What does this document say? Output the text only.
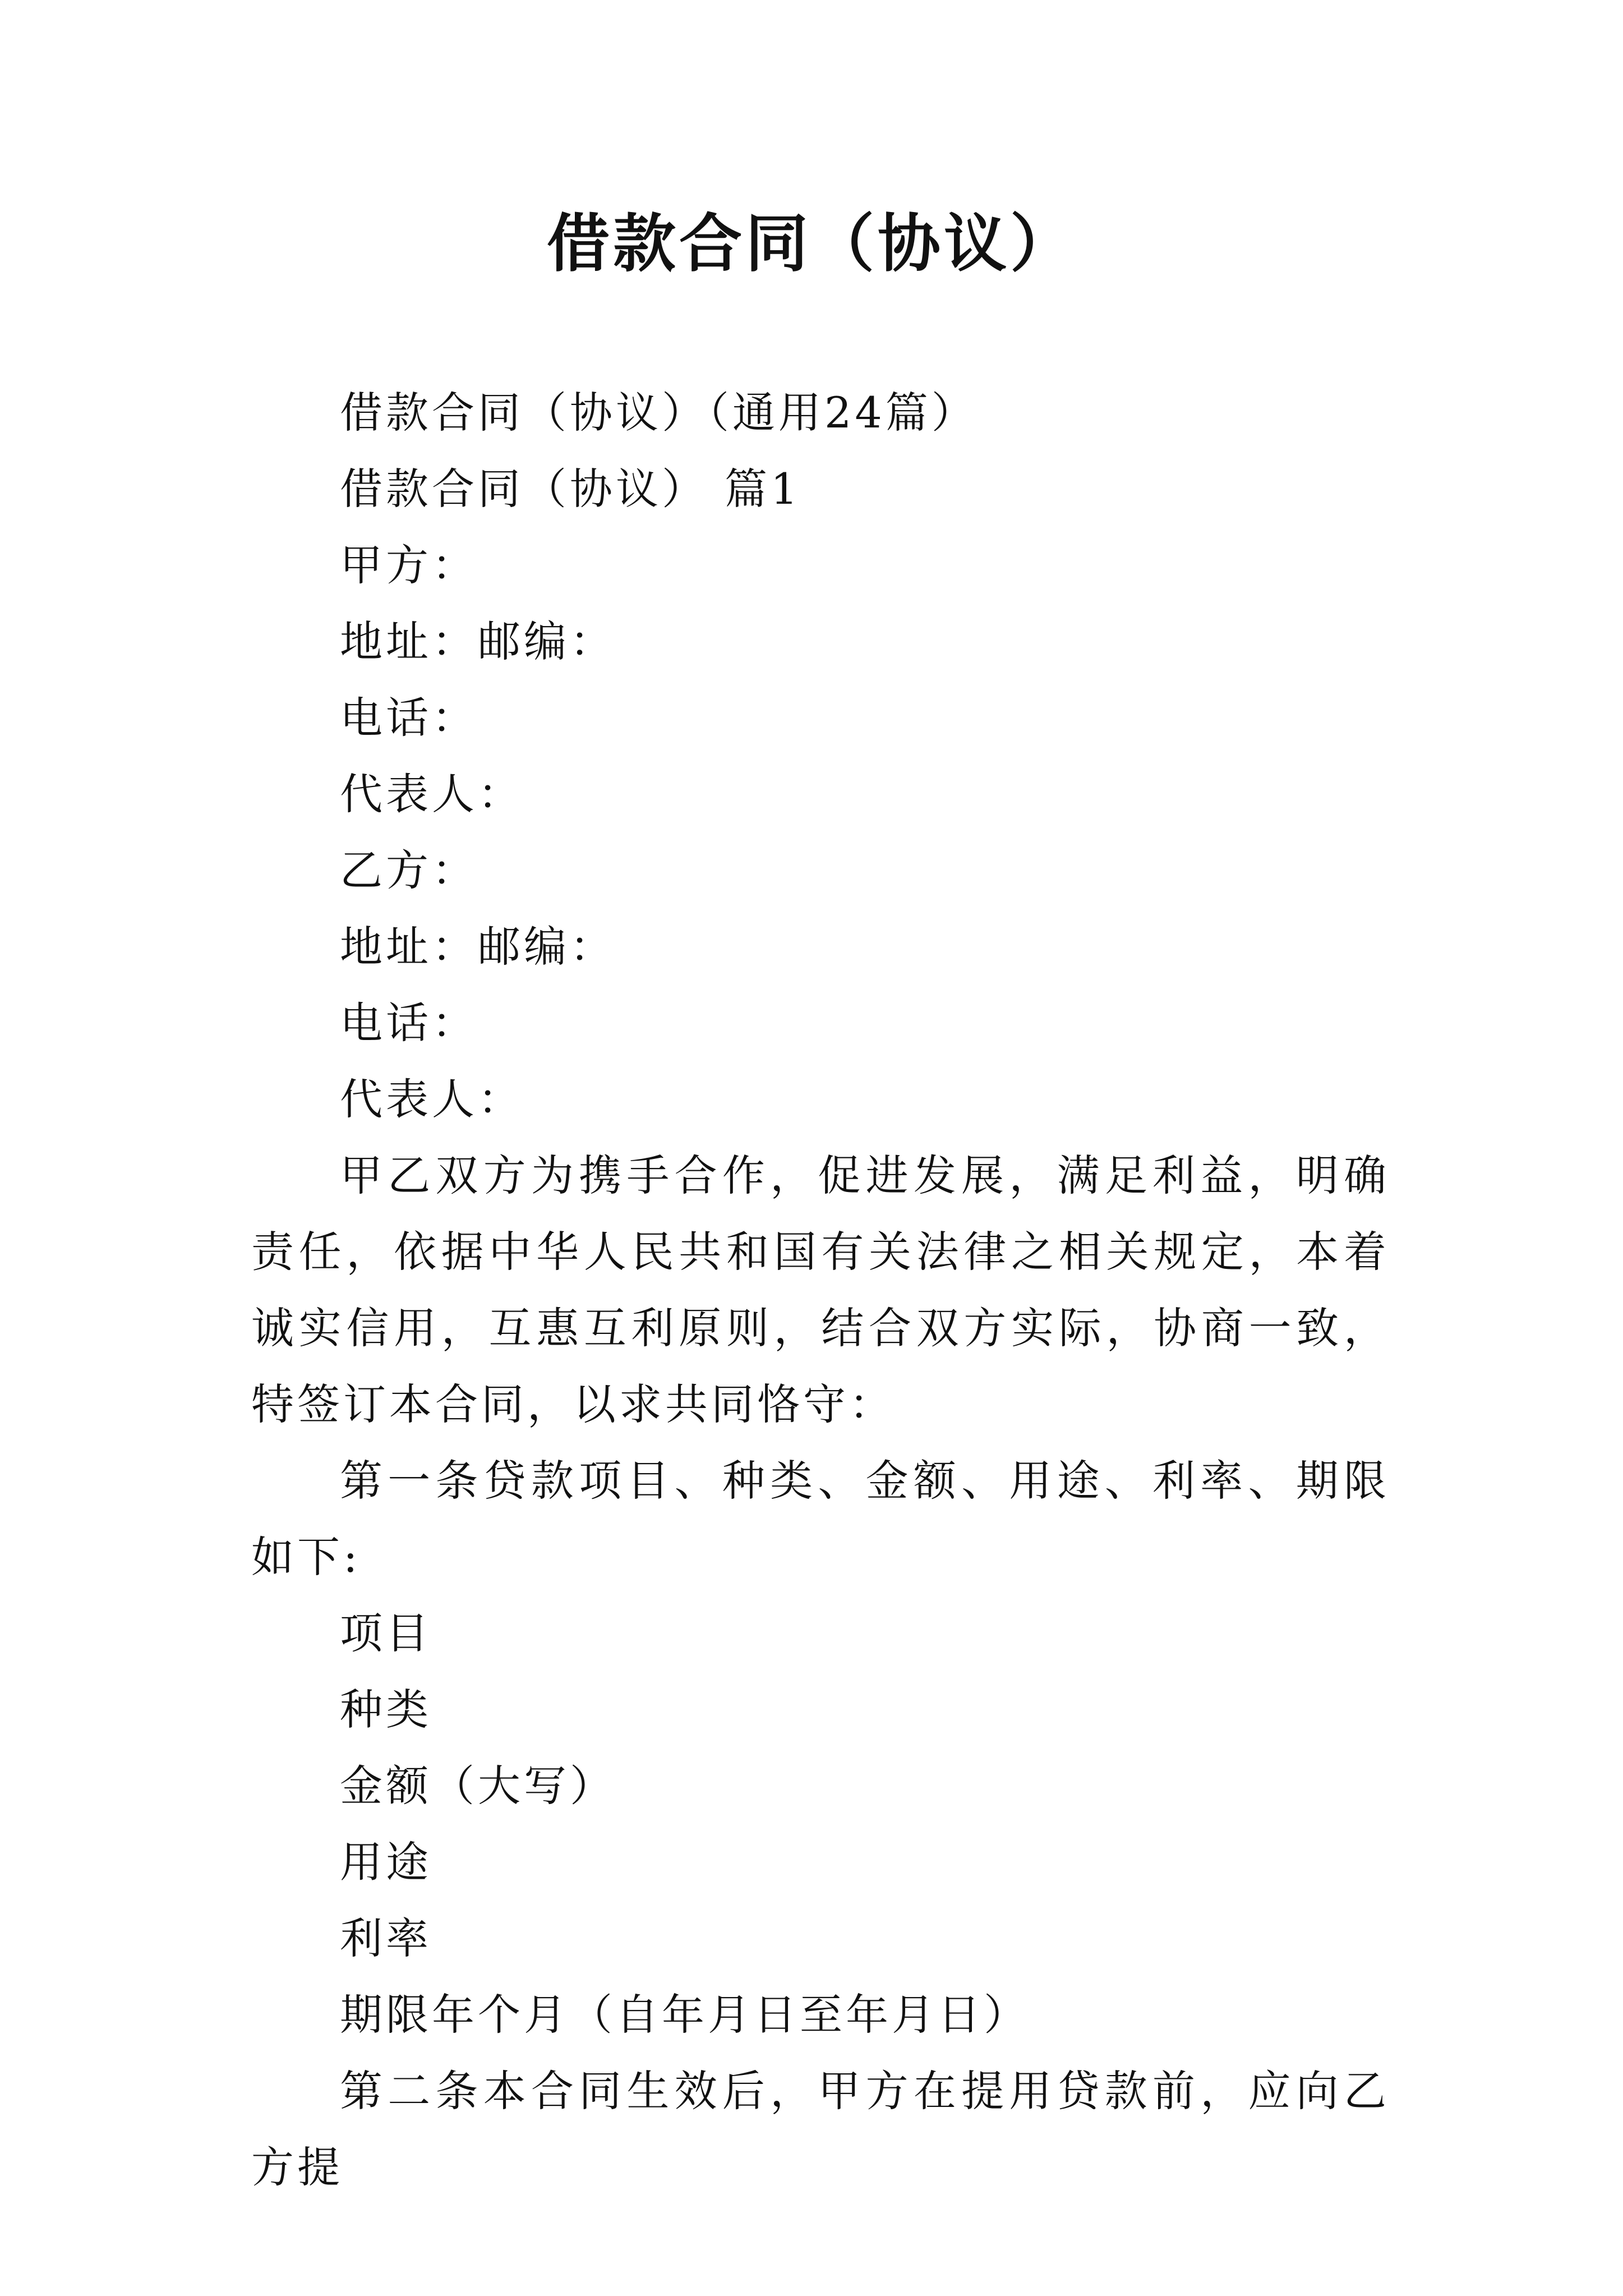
借款合同（协议）

借款合同（协议）（通用24篇）

借款合同（协议） 篇1

甲方：

地址：邮编：

电话：

代表人：

乙方：

地址：邮编：

电话：

代表人：

甲乙双方为携手合作，促进发展，满足利益，明确责任，依据中华人民共和国有关法律之相关规定，本着诚实信用，互惠互利原则，结合双方实际，协商一致，特签订本合同，以求共同恪守：

第一条贷款项目、种类、金额、用途、利率、期限如下:

项目

种类

金额（大写）

用途

利率

期限年个月（自年月日至年月日）

第二条本合同生效后，甲方在提用贷款前，应向乙方提
